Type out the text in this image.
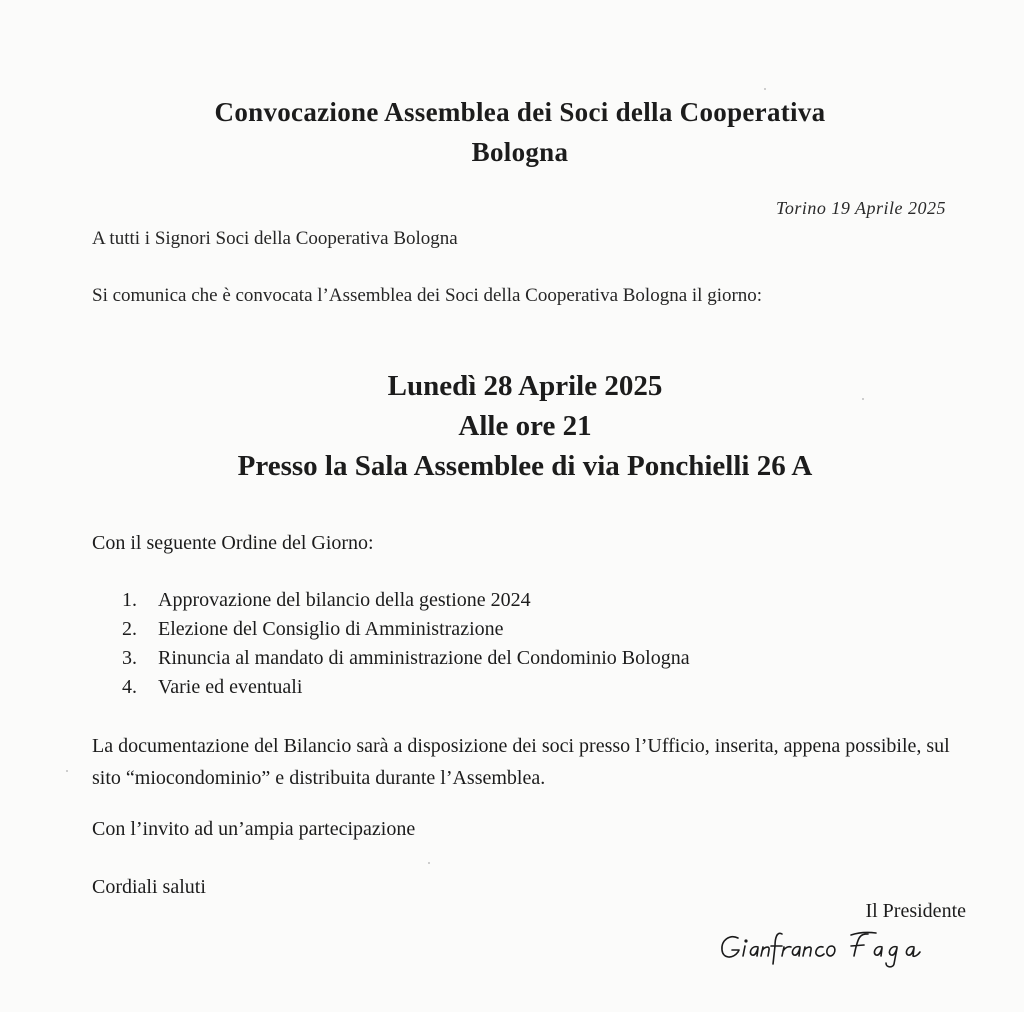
Convocazione Assemblea dei Soci della Cooperativa
Bologna
Torino 19 Aprile 2025
A tutti i Signori Soci della Cooperativa Bologna
Si comunica che è convocata l’Assemblea dei Soci della Cooperativa Bologna il giorno:
Lunedì 28 Aprile 2025
Alle ore 21
Presso la Sala Assemblee di via Ponchielli 26 A
Con il seguente Ordine del Giorno:
1. Approvazione del bilancio della gestione 2024
2. Elezione del Consiglio di Amministrazione
3. Rinuncia al mandato di amministrazione del Condominio Bologna
4. Varie ed eventuali
La documentazione del Bilancio sarà a disposizione dei soci presso l’Ufficio, inserita, appena possibile, sul sito “miocondominio” e distribuita durante l’Assemblea.
Con l’invito ad un’ampia partecipazione
Cordiali saluti
Il Presidente
